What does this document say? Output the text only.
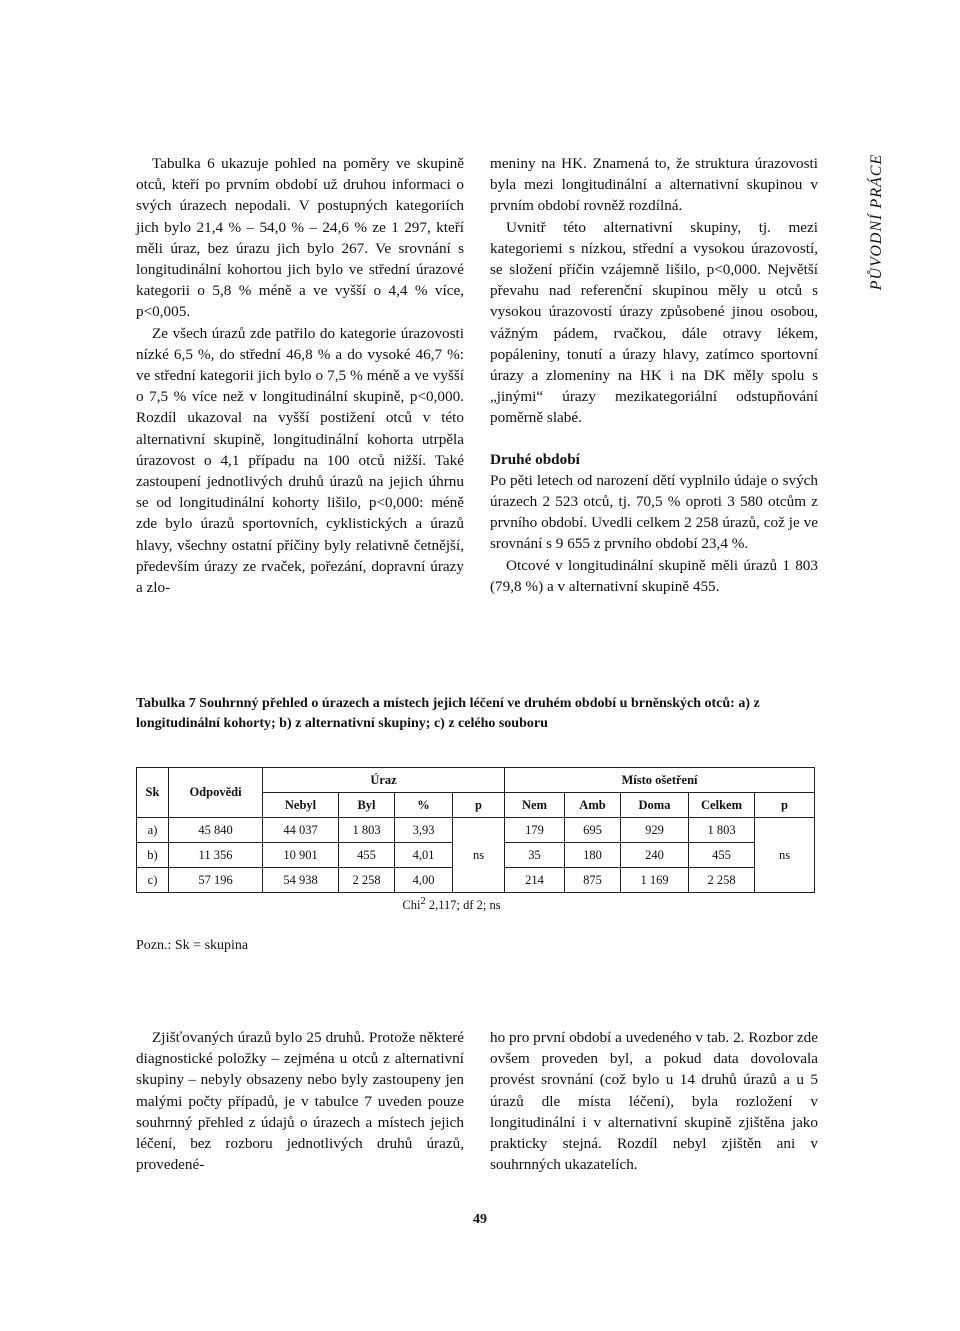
Tabulka 6 ukazuje pohled na poměry ve skupině otců, kteří po prvním období už druhou informaci o svých úrazech nepodali. V postupných kategoriích jich bylo 21,4 % – 54,0 % – 24,6 % ze 1 297, kteří měli úraz, bez úrazu jich bylo 267. Ve srovnání s longitudinální kohortou jich bylo ve střední úrazové kategorii o 5,8 % méně a ve vyšší o 4,4 % více, p<0,005.

Ze všech úrazů zde patřilo do kategorie úrazovosti nízké 6,5 %, do střední 46,8 % a do vysoké 46,7 %: ve střední kategorii jich bylo o 7,5 % méně a ve vyšší o 7,5 % více než v longitudinální skupině, p<0,000. Rozdíl ukazoval na vyšší postižení otců v této alternativní skupině, longitudinální kohorta utrpěla úrazovost o 4,1 případu na 100 otců nižší. Také zastoupení jednotlivých druhů úrazů na jejich úhrnu se od longitudinální kohorty lišilo, p<0,000: méně zde bylo úrazů sportovních, cyklistických a úrazů hlavy, všechny ostatní příčiny byly relativně četnější, především úrazy ze rvaček, pořezání, dopravní úrazy a zlo-

meniny na HK. Znamená to, že struktura úrazovosti byla mezi longitudinální a alternativní skupinou v prvním období rovněž rozdílná.

Uvnitř této alternativní skupiny, tj. mezi kategoriemi s nízkou, střední a vysokou úrazovostí, se složení příčin vzájemně lišilo, p<0,000. Největší převahu nad referenční skupinou měly u otců s vysokou úrazovostí úrazy způsobené jinou osobou, vážným pádem, rvačkou, dále otravy lékem, popáleniny, tonutí a úrazy hlavy, zatímco sportovní úrazy a zlomeniny na HK i na DK měly spolu s „jinými“ úrazy mezikategoriální odstupňování poměrně slabé.

Druhé období

Po pěti letech od narození dětí vyplnilo údaje o svých úrazech 2 523 otců, tj. 70,5 % oproti 3 580 otcům z prvního období. Uvedli celkem 2 258 úrazů, což je ve srovnání s 9 655 z prvního období 23,4 %.

Otcové v longitudinální skupině měli úrazů 1 803 (79,8 %) a v alternativní skupině 455.

PŮVODNÍ PRÁCE
Tabulka 7 Souhrnný přehled o úrazech a místech jejich léčení ve druhém období u brněnských otců: a) z longitudinální kohorty; b) z alternativní skupiny; c) z celého souboru
Sk	Odpovědi	Úraz				Místo ošetření				
		Nebyl	Byl	%	p	Nem	Amb	Doma	Celkem	p
a)	45 840	44 037	1 803	3,93	ns	179	695	929	1 803	ns
b)	11 356	10 901	455	4,01		35	180	240	455	
c)	57 196	54 938	2 258	4,00		214	875	1 169	2 258	
			Chi$^2$ 2,117; df 2; ns							
Pozn.: Sk = skupina

Zjišťovaných úrazů bylo 25 druhů. Protože některé diagnostické položky – zejména u otců z alternativní skupiny – nebyly obsazeny nebo byly zastoupeny jen malými počty případů, je v tabulce 7 uveden pouze souhrnný přehled z údajů o úrazech a místech jejich léčení, bez rozboru jednotlivých druhů úrazů, provedené-

ho pro první období a uvedeného v tab. 2. Rozbor zde ovšem proveden byl, a pokud data dovolovala provést srovnání (což bylo u 14 druhů úrazů a u 5 úrazů dle místa léčení), byla rozložení v longitudinální i v alternativní skupině zjištěna jako prakticky stejná. Rozdíl nebyl zjištěn ani v souhrnných ukazatelích.

49
